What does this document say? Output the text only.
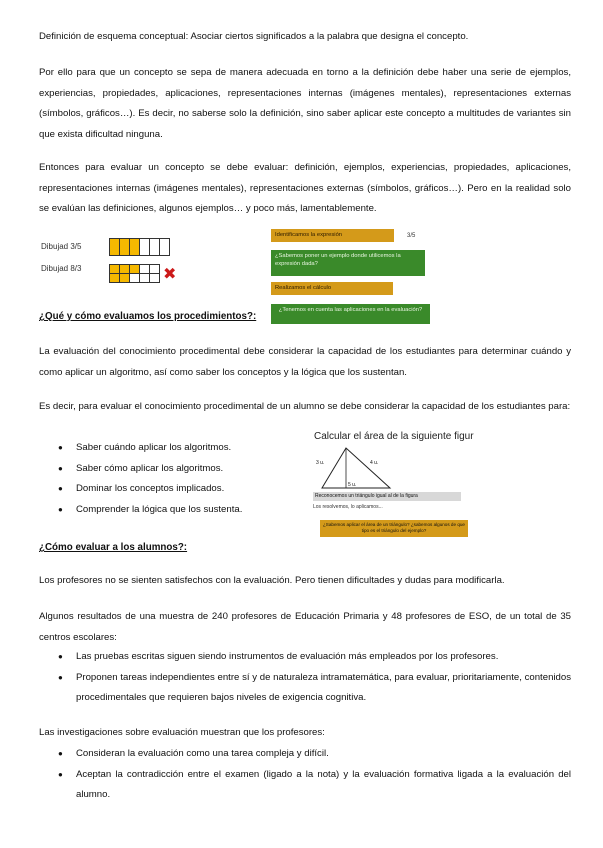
Definición de esquema conceptual: Asociar ciertos significados a la palabra que designa el concepto.

Por ello para que un concepto se sepa de manera adecuada en torno a la definición debe haber una serie de ejemplos, experiencias, propiedades, aplicaciones, representaciones internas (imágenes mentales), representaciones externas (símbolos, gráficos…). Es decir, no saberse solo la definición, sino saber aplicar este concepto a multitudes de variantes sin que exista dificultad ninguna.

Entonces para evaluar un concepto se debe evaluar: definición, ejemplos, experiencias, propiedades, aplicaciones, representaciones internas (imágenes mentales), representaciones externas (símbolos, gráficos…). Pero en la realidad solo se evalúan las definiciones, algunos ejemplos… y poco más, lamentablemente.

Dibujad 3/5
Dibujad 8/3	✖
Identificamos la expresión	3/5
¿Sabemos poner un ejemplo donde utilicemos la expresión dada?
Realizamos el cálculo
¿Tenemos en cuenta las aplicaciones en la evaluación?

¿Qué y cómo evaluamos los procedimientos?:

La evaluación del conocimiento procedimental debe considerar la capacidad de los estudiantes para determinar cuándo y como aplicar un algoritmo, así como saber los conceptos y la lógica que los sustentan.

Es decir, para evaluar el conocimiento procedimental de un alumno se debe considerar la capacidad de los estudiantes para:

● Saber cuándo aplicar los algoritmos.
● Saber cómo aplicar los algoritmos.
● Dominar los conceptos implicados.
● Comprender la lógica que los sustenta.
Calcular el área de la siguiente figur
3 u.	4 u.
5 u.
Reconocemos un triángulo igual al de la figura
Los resolvemos, lo aplicamos...
¿Sabemos aplicar el área de un triángulo? ¿sabemos algunos de que tipo es el triángulo del ejemplo?

¿Cómo evaluar a los alumnos?:

Los profesores no se sienten satisfechos con la evaluación. Pero tienen dificultades y dudas para modificarla.

Algunos resultados de una muestra de 240 profesores de Educación Primaria y 48 profesores de ESO, de un total de 35 centros escolares:

● Las pruebas escritas siguen siendo instrumentos de evaluación más empleados por los profesores.
● Proponen tareas independientes entre sí y de naturaleza intramatemática, para evaluar, prioritariamente, contenidos procedimentales que requieren bajos niveles de exigencia cognitiva.

Las investigaciones sobre evaluación muestran que los profesores:

● Consideran la evaluación como una tarea compleja y difícil.
● Aceptan la contradicción entre el examen (ligado a la nota) y la evaluación formativa ligada a la evaluación del alumno.
